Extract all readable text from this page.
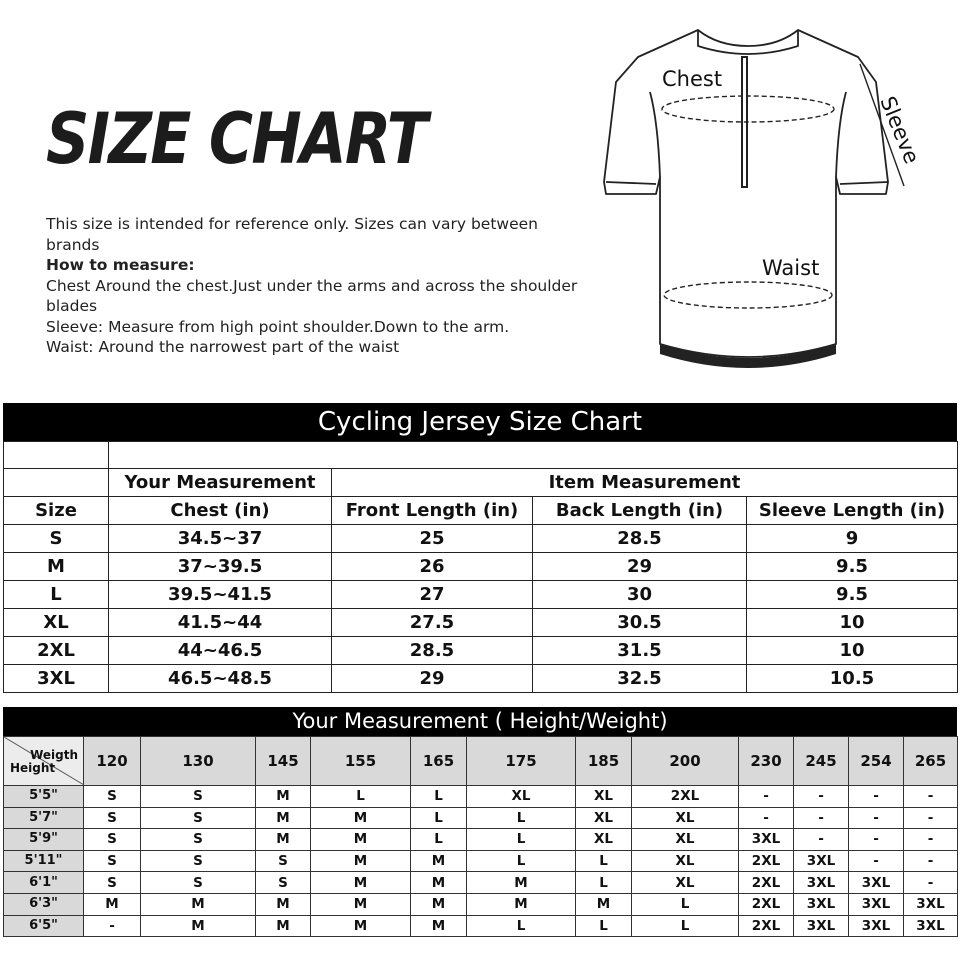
SIZE CHART
This size is intended for reference only. Sizes can vary between brands
How to measure:
Chest Around the chest.Just under the arms and across the shoulder blades
Sleeve: Measure from high point shoulder.Down to the arm.
Waist: Around the narrowest part of the waist
Chest
Waist
Sleeve
Cycling Jersey Size Chart

	Your Measurement	Item Measurement		
Size	Chest (in)	Front Length (in)	Back Length (in)	Sleeve Length (in)
S	34.5~37	25	28.5	9
M	37~39.5	26	29	9.5
L	39.5~41.5	27	30	9.5
XL	41.5~44	27.5	30.5	10
2XL	44~46.5	28.5	31.5	10
3XL	46.5~48.5	29	32.5	10.5
Your Measurement ( Height/Weight)
Weigth
Height	120	130	145	155	165	175	185	200	230	245	254	265
5'5"	S	S	M	L	L	XL	XL	2XL	-	-	-	-
5'7"	S	S	M	M	L	L	XL	XL	-	-	-	-
5'9"	S	S	M	M	L	L	XL	XL	3XL	-	-	-
5'11"	S	S	S	M	M	L	L	XL	2XL	3XL	-	-
6'1"	S	S	S	M	M	M	L	XL	2XL	3XL	3XL	-
6'3"	M	M	M	M	M	M	M	L	2XL	3XL	3XL	3XL
6'5"	-	M	M	M	M	L	L	L	2XL	3XL	3XL	3XL
